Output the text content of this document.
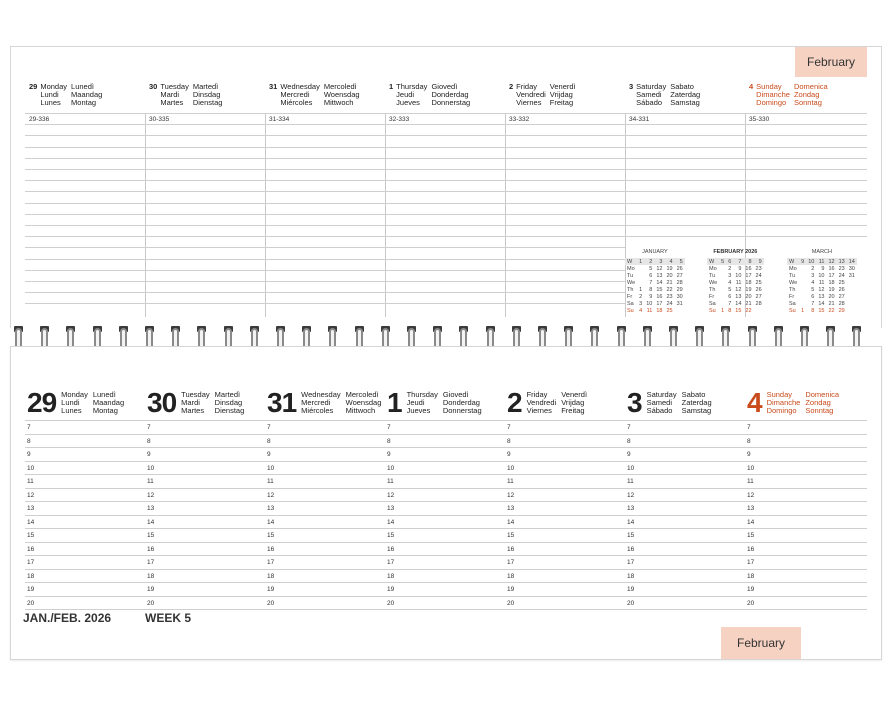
February
29 Monday
Lundi
Lunes
Lunedì
Maandag
Montag
29-336
30 Tuesday
Mardi
Martes
Martedì
Dinsdag
Dienstag
30-335
31 Wednesday
Mercredi
Miércoles
Mercoledì
Woensdag
Mittwoch
31-334
1 Thursday
Jeudi
Jueves
Giovedì
Donderdag
Donnerstag
32-333
2 Friday
Vendredi
Viernes
Venerdì
Vrijdag
Freitag
33-332
3 Saturday
Samedi
Sábado
Sabato
Zaterdag
Samstag
34-331
4 Sunday
Dimanche
Domingo
Domenica
Zondag
Sonntag
35-330
JANUARY
W	1	2	3	4	5
Mo		5	12	19	26
Tu		6	13	20	27
We		7	14	21	28
Th	1	8	15	22	29
Fr	2	9	16	23	30
Sa	3	10	17	24	31
Su	4	11	18	25	
FEBRUARY 2026
W	5	6	7	8	9
Mo		2	9	16	23
Tu		3	10	17	24
We		4	11	18	25
Th		5	12	19	26
Fr		6	13	20	27
Sa		7	14	21	28
Su	1	8	15	22	
MARCH
W	9	10	11	12	13	14
Mo		2	9	16	23	30
Tu		3	10	17	24	31
We		4	11	18	25	
Th		5	12	19	26	
Fr		6	13	20	27	
Sa		7	14	21	28	
Su	1	8	15	22	29	
29 Monday
Lundi
Lunes
Lunedì
Maandag
Montag 30 Tuesday
Mardi
Martes
Martedì
Dinsdag
Dienstag 31 Wednesday
Mercredi
Miércoles
Mercoledì
Woensdag
Mittwoch 1 Thursday
Jeudi
Jueves
Giovedì
Donderdag
Donnerstag 2 Friday
Vendredi
Viernes
Venerdì
Vrijdag
Freitag 3 Saturday
Samedi
Sábado
Sabato
Zaterdag
Samstag 4 Sunday
Dimanche
Domingo
Domenica
Zondag
Sonntag
7	7	7	7	7	7	7
8	8	8	8	8	8	8
9	9	9	9	9	9	9
10	10	10	10	10	10	10
11	11	11	11	11	11	11
12	12	12	12	12	12	12
13	13	13	13	13	13	13
14	14	14	14	14	14	14
15	15	15	15	15	15	15
16	16	16	16	16	16	16
17	17	17	17	17	17	17
18	18	18	18	18	18	18
19	19	19	19	19	19	19
20	20	20	20	20	20	20
JAN./FEB. 2026	WEEK 5
February
